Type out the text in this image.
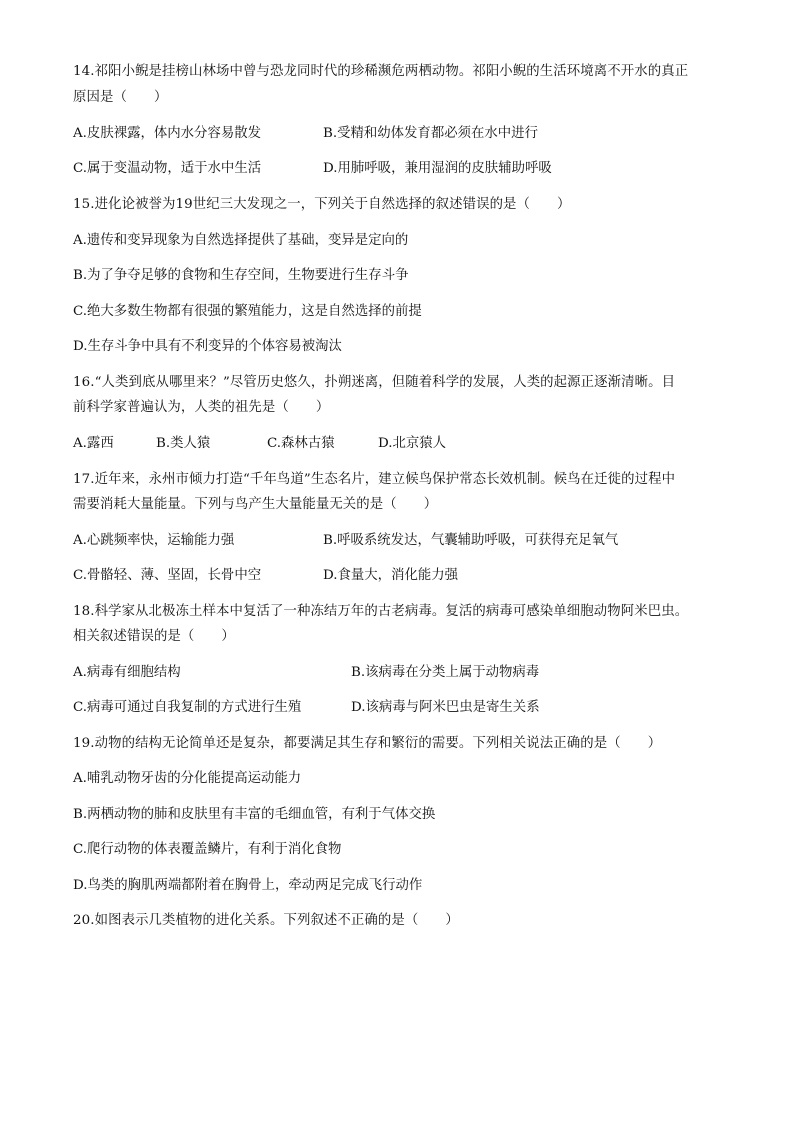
14.祁阳小鲵是挂榜山林场中曾与恐龙同时代的珍稀濒危两栖动物。祁阳小鲵的生活环境离不开水的真正
原因是（　　）
A.皮肤裸露，体内水分容易散发	B.受精和幼体发育都必须在水中进行
C.属于变温动物，适于水中生活	D.用肺呼吸，兼用湿润的皮肤辅助呼吸
15.进化论被誉为19世纪三大发现之一，下列关于自然选择的叙述错误的是（　　）
A.遗传和变异现象为自然选择提供了基础，变异是定向的
B.为了争夺足够的食物和生存空间，生物要进行生存斗争
C.绝大多数生物都有很强的繁殖能力，这是自然选择的前提
D.生存斗争中具有不利变异的个体容易被淘汰
16.“人类到底从哪里来？”尽管历史悠久，扑朔迷离，但随着科学的发展，人类的起源正逐渐清晰。目
前科学家普遍认为，人类的祖先是（　　）
A.露西	B.类人猿	C.森林古猿	D.北京猿人
17.近年来，永州市倾力打造“千年鸟道”生态名片，建立候鸟保护常态长效机制。候鸟在迁徙的过程中
需要消耗大量能量。下列与鸟产生大量能量无关的是（　　）
A.心跳频率快，运输能力强	B.呼吸系统发达，气囊辅助呼吸，可获得充足氧气
C.骨骼轻、薄、坚固，长骨中空	D.食量大，消化能力强
18.科学家从北极冻土样本中复活了一种冻结万年的古老病毒。复活的病毒可感染单细胞动物阿米巴虫。
相关叙述错误的是（　　）
A.病毒有细胞结构	B.该病毒在分类上属于动物病毒
C.病毒可通过自我复制的方式进行生殖	D.该病毒与阿米巴虫是寄生关系
19.动物的结构无论简单还是复杂，都要满足其生存和繁衍的需要。下列相关说法正确的是（　　）
A.哺乳动物牙齿的分化能提高运动能力
B.两栖动物的肺和皮肤里有丰富的毛细血管，有利于气体交换
C.爬行动物的体表覆盖鳞片，有利于消化食物
D.鸟类的胸肌两端都附着在胸骨上，牵动两足完成飞行动作
20.如图表示几类植物的进化关系。下列叙述不正确的是（　　）
